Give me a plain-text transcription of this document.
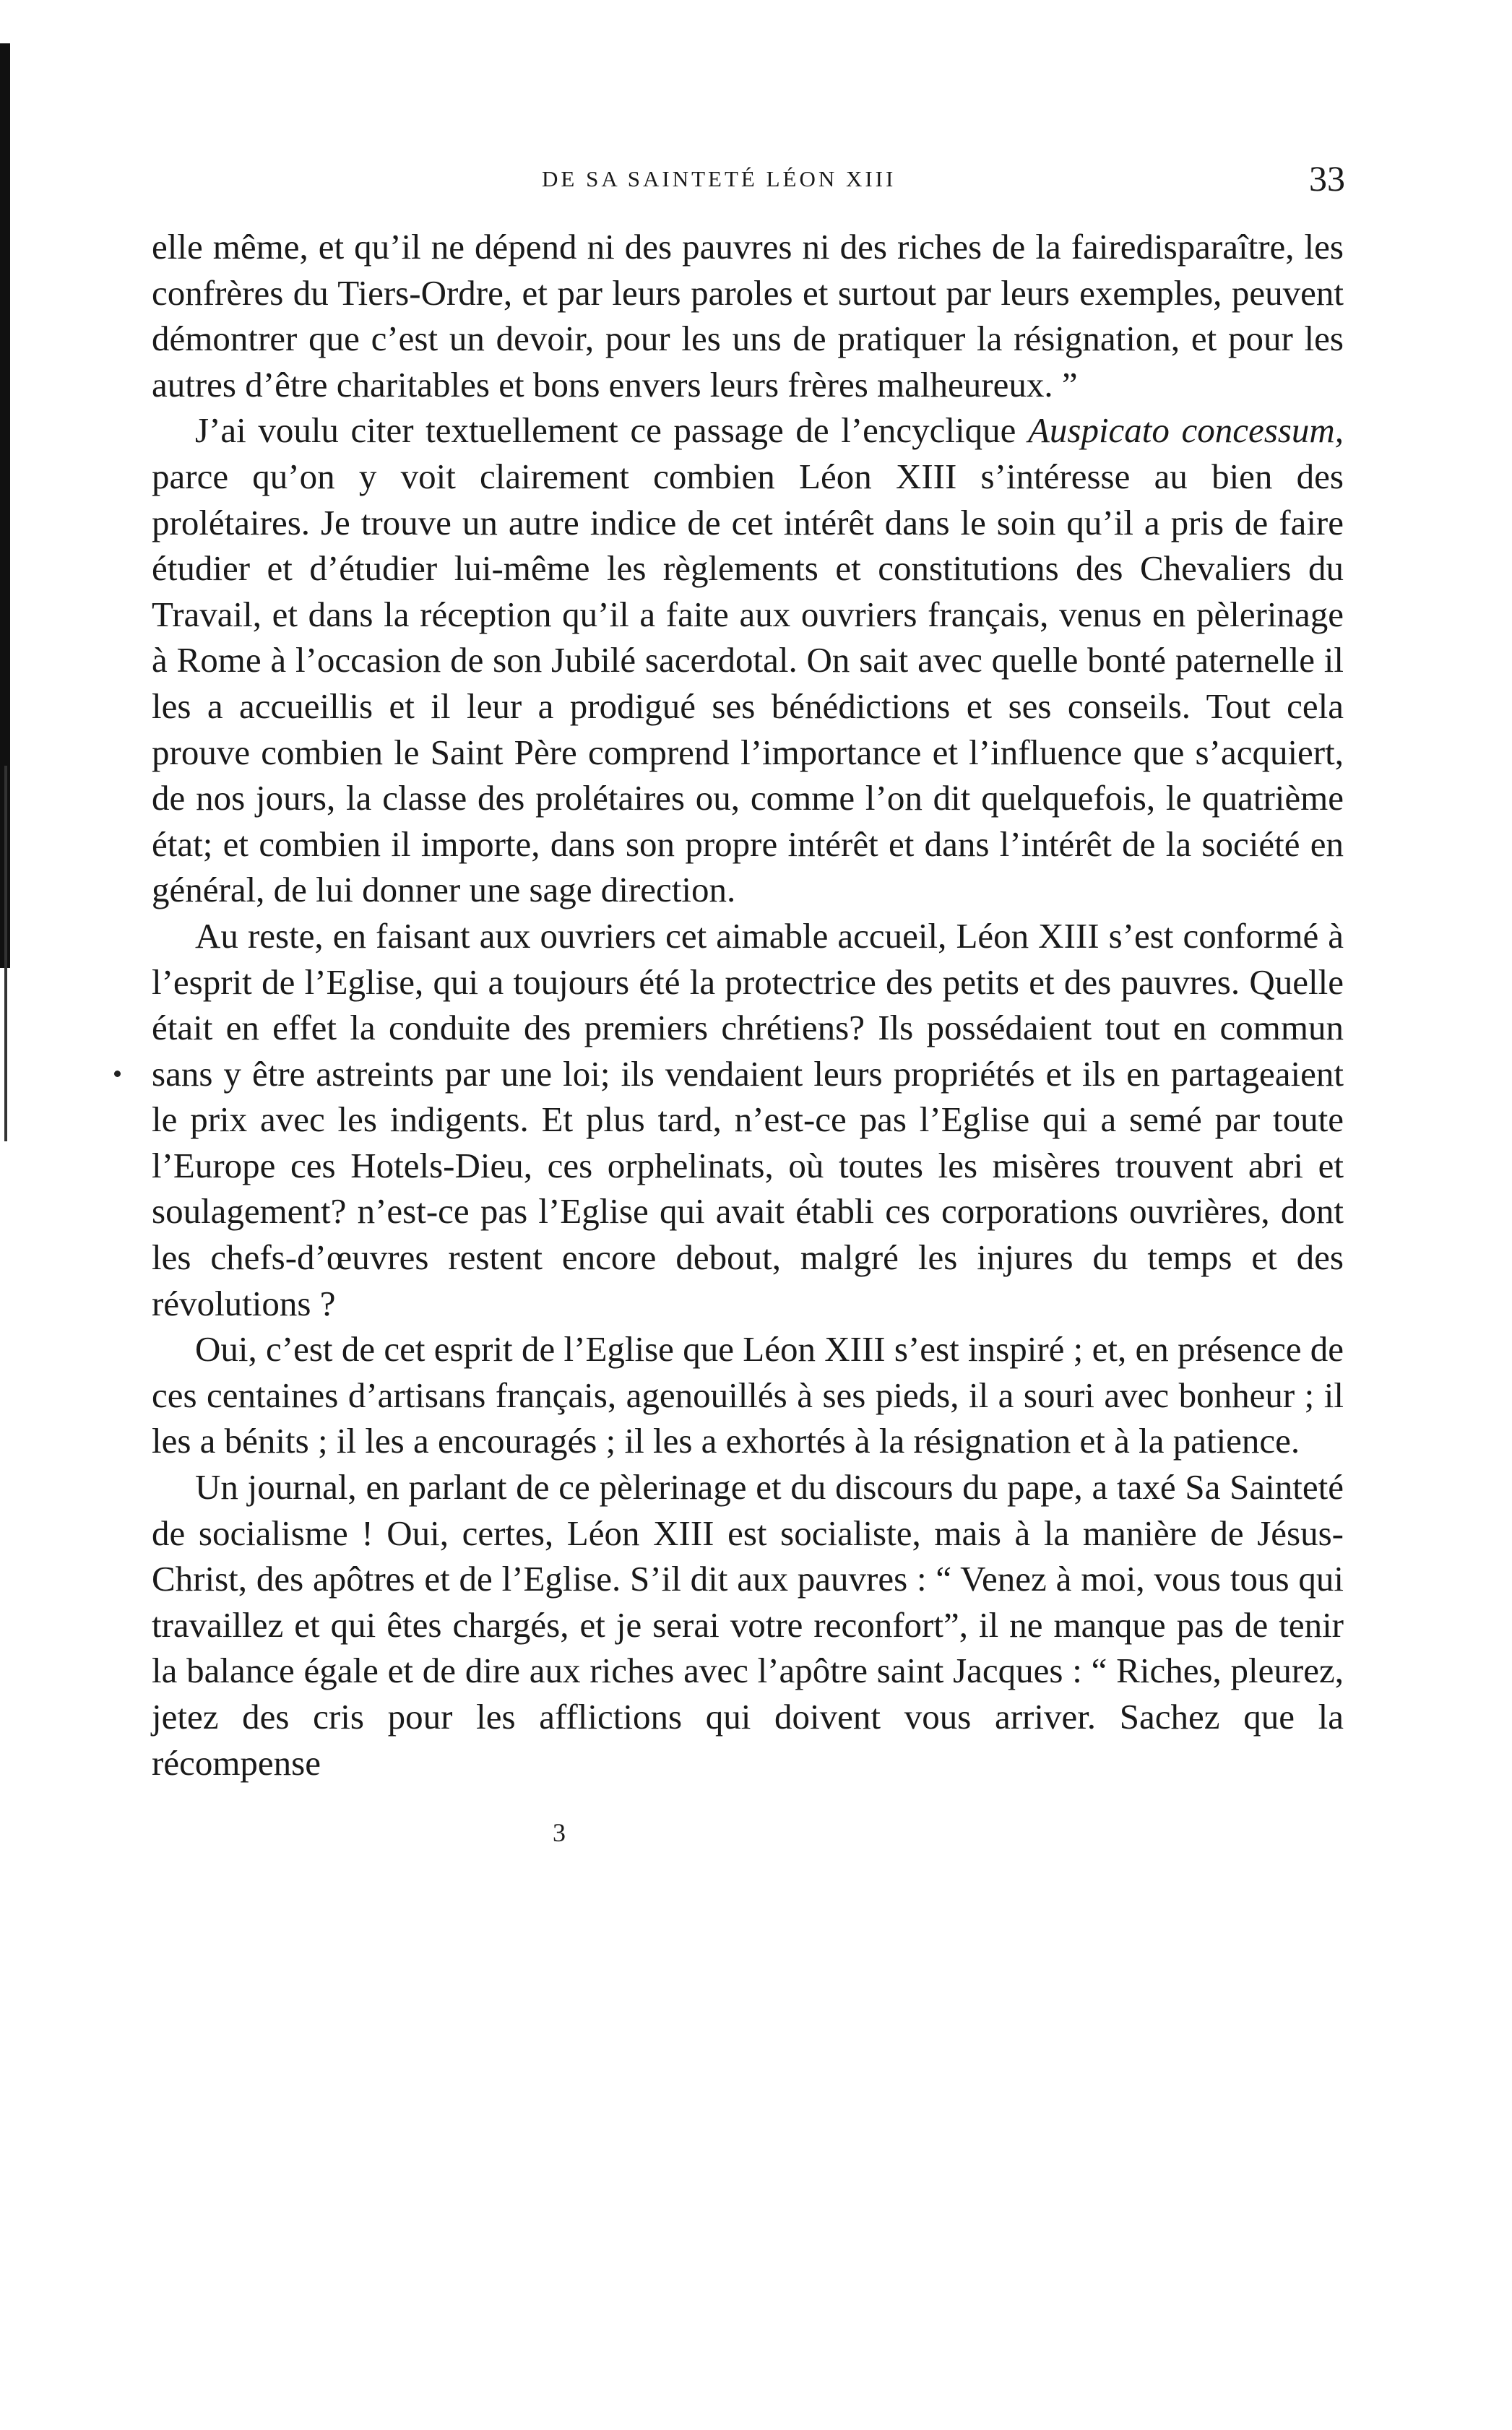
DE SA SAINTETÉ LÉON XIII	33

elle même, et qu’il ne dépend ni des pauvres ni des riches de la fairedisparaître, les confrères du Tiers-Ordre, et par leurs paroles et surtout par leurs exemples, peuvent démontrer que c’est un devoir, pour les uns de pratiquer la résignation, et pour les autres d’être charitables et bons envers leurs frères malheureux. ”

J’ai voulu citer textuellement ce passage de l’encyclique Auspicato concessum, parce qu’on y voit clairement combien Léon XIII s’intéresse au bien des prolétaires. Je trouve un autre indice de cet intérêt dans le soin qu’il a pris de faire étudier et d’étudier lui-même les règlements et constitutions des Chevaliers du Travail, et dans la réception qu’il a faite aux ouvriers français, venus en pèlerinage à Rome à l’occasion de son Jubilé sacerdotal. On sait avec quelle bonté paternelle il les a accueillis et il leur a prodigué ses bénédictions et ses conseils. Tout cela prouve combien le Saint Père comprend l’importance et l’influence que s’acquiert, de nos jours, la classe des prolétaires ou, comme l’on dit quelquefois, le quatrième état; et combien il importe, dans son propre intérêt et dans l’intérêt de la société en général, de lui donner une sage direction.

Au reste, en faisant aux ouvriers cet aimable accueil, Léon XIII s’est conformé à l’esprit de l’Eglise, qui a toujours été la protectrice des petits et des pauvres. Quelle était en effet la conduite des premiers chrétiens? Ils possédaient tout en commun sans y être astreints par une loi; ils vendaient leurs propriétés et ils en partageaient le prix avec les indigents. Et plus tard, n’est-ce pas l’Eglise qui a semé par toute l’Europe ces Hotels-Dieu, ces orphelinats, où toutes les misères trouvent abri et soulagement? n’est-ce pas l’Eglise qui avait établi ces corporations ouvrières, dont les chefs-d’œuvres restent encore debout, malgré les injures du temps et des révolutions ?

Oui, c’est de cet esprit de l’Eglise que Léon XIII s’est inspiré ; et, en présence de ces centaines d’artisans français, agenouillés à ses pieds, il a souri avec bonheur ; il les a bénits ; il les a encouragés ; il les a exhortés à la résignation et à la patience.

Un journal, en parlant de ce pèlerinage et du discours du pape, a taxé Sa Sainteté de socialisme ! Oui, certes, Léon XIII est socialiste, mais à la manière de Jésus-Christ, des apôtres et de l’Eglise. S’il dit aux pauvres : “ Venez à moi, vous tous qui travaillez et qui êtes chargés, et je serai votre reconfort”, il ne manque pas de tenir la balance égale et de dire aux riches avec l’apôtre saint Jacques : “ Riches, pleurez, jetez des cris pour les afflictions qui doivent vous arriver. Sachez que la récompense

3
